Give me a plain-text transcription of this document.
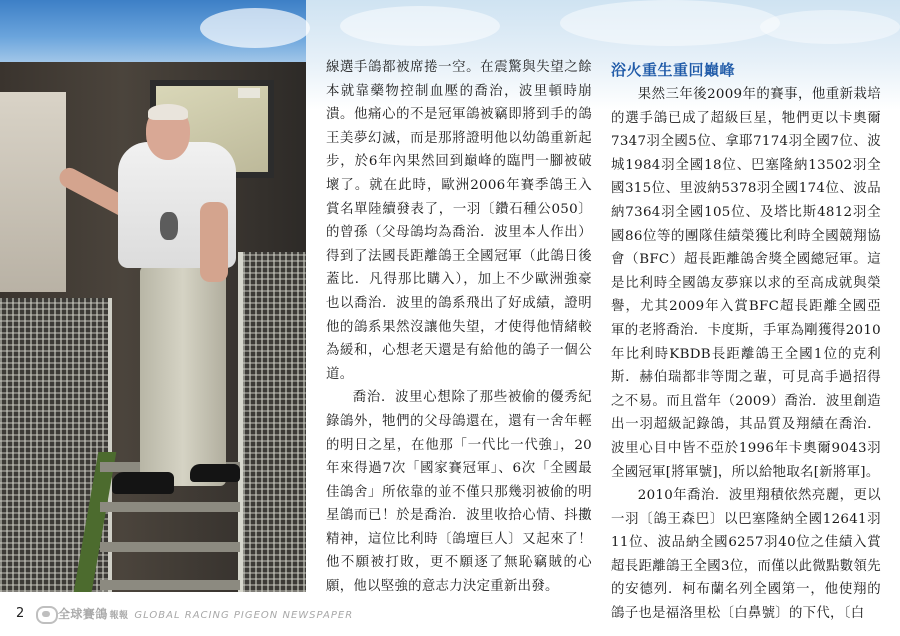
線選手鴿都被席捲一空。在震驚與失望之餘本就靠藥物控制血壓的喬治，波里頓時崩潰。他痛心的不是冠軍鴿被竊即將到手的鴿王美夢幻滅，而是那將證明他以幼鴿重新起步，於6年內果然回到巔峰的臨門一腳被破壞了。就在此時，歐洲2006年賽季鴿王入賞名單陸續發表了，一羽〔鑽石種公050〕的曾孫（父母鴿均為喬治．波里本人作出）得到了法國長距離鴿王全國冠軍（此鴿日後蓋比．凡得那比購入），加上不少歐洲強豪也以喬治．波里的鴿系飛出了好成績，證明他的鴿系果然沒讓他失望，才使得他情緒較為緩和，心想老天還是有給他的鴿子一個公道。

喬治．波里心想除了那些被偷的優秀紀錄鴿外，牠們的父母鴿還在，還有一舍年輕的明日之星，在他那「一代比一代強」，20年來得過7次「國家賽冠軍」、6次「全國最佳鴿舍」所依靠的並不僅只那幾羽被偷的明星鴿而已！於是喬治．波里收拾心情、抖擻精神，這位比利時〔鴿壇巨人〕又起來了！他不願被打敗，更不願逐了無恥竊賊的心願，他以堅強的意志力決定重新出發。

浴火重生重回巔峰

果然三年後2009年的賽事，他重新栽培的選手鴿已成了超級巨星，牠們更以卡奧爾7347羽全國5位、拿耶7174羽全國7位、波城1984羽全國18位、巴塞隆納13502羽全國315位、里波納5378羽全國174位、波品納7364羽全國105位、及塔比斯4812羽全國86位等的團隊佳績榮獲比利時全國競翔協會（BFC）超長距離鴿舍獎全國總冠軍。這是比利時全國鴿友夢寐以求的至高成就與榮譽，尤其2009年入賞BFC超長距離全國亞軍的老將喬治．卡度斯，手軍為剛獲得2010年比利時KBDB長距離鴿王全國1位的克利斯．赫伯瑞都非等閒之輩，可見高手過招得之不易。而且當年（2009）喬治．波里創造出一羽超級記錄鴿，其品質及翔績在喬治．波里心目中皆不亞於1996年卡奧爾9043羽全國冠軍[將軍號]，所以給牠取名[新將軍]。

2010年喬治．波里翔積依然亮麗，更以一羽〔鴿王森巴〕以巴塞隆納全國12641羽11位、波品納全國6257羽40位之佳績入賞超長距離鴿王全國3位，而僅以此微點數領先的安德列．柯布蘭名列全國第一，他使翔的鴿子也是福洛里松〔白鼻號〕的下代，〔白

2	全球賽鴿 報報 GLOBAL RACING PIGEON NEWSPAPER
